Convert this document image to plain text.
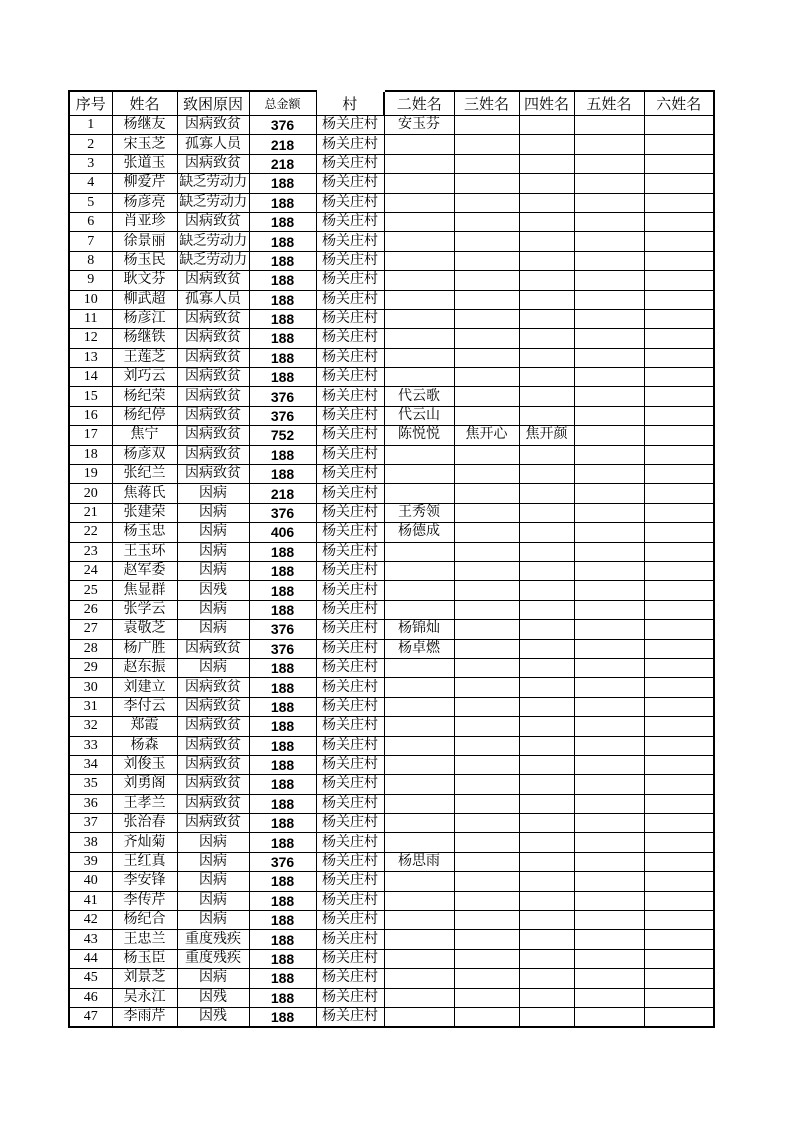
序号	姓名	致困原因	总金额	村	二姓名	三姓名	四姓名	五姓名	六姓名
1	杨继友	因病致贫	376	杨关庄村	安玉芬				
2	宋玉芝	孤寡人员	218	杨关庄村					
3	张道玉	因病致贫	218	杨关庄村					
4	柳爱芹	缺乏劳动力	188	杨关庄村					
5	杨彦亮	缺乏劳动力	188	杨关庄村					
6	肖亚珍	因病致贫	188	杨关庄村					
7	徐景丽	缺乏劳动力	188	杨关庄村					
8	杨玉民	缺乏劳动力	188	杨关庄村					
9	耿文芬	因病致贫	188	杨关庄村					
10	柳武超	孤寡人员	188	杨关庄村					
11	杨彦江	因病致贫	188	杨关庄村					
12	杨继铁	因病致贫	188	杨关庄村					
13	王莲芝	因病致贫	188	杨关庄村					
14	刘巧云	因病致贫	188	杨关庄村					
15	杨纪荣	因病致贫	376	杨关庄村	代云歌				
16	杨纪停	因病致贫	376	杨关庄村	代云山				
17	焦宁	因病致贫	752	杨关庄村	陈悦悦	焦开心	焦开颜		
18	杨彦双	因病致贫	188	杨关庄村					
19	张纪兰	因病致贫	188	杨关庄村					
20	焦蒋氏	因病	218	杨关庄村					
21	张建荣	因病	376	杨关庄村	王秀领				
22	杨玉忠	因病	406	杨关庄村	杨德成				
23	王玉环	因病	188	杨关庄村					
24	赵军委	因病	188	杨关庄村					
25	焦显群	因残	188	杨关庄村					
26	张学云	因病	188	杨关庄村					
27	袁敬芝	因病	376	杨关庄村	杨锦灿				
28	杨广胜	因病致贫	376	杨关庄村	杨卓燃				
29	赵东振	因病	188	杨关庄村					
30	刘建立	因病致贫	188	杨关庄村					
31	李付云	因病致贫	188	杨关庄村					
32	郑霞	因病致贫	188	杨关庄村					
33	杨森	因病致贫	188	杨关庄村					
34	刘俊玉	因病致贫	188	杨关庄村					
35	刘勇阁	因病致贫	188	杨关庄村					
36	王孝兰	因病致贫	188	杨关庄村					
37	张治春	因病致贫	188	杨关庄村					
38	齐灿菊	因病	188	杨关庄村					
39	王红真	因病	376	杨关庄村	杨思雨				
40	李安锋	因病	188	杨关庄村					
41	李传芹	因病	188	杨关庄村					
42	杨纪合	因病	188	杨关庄村					
43	王忠兰	重度残疾	188	杨关庄村					
44	杨玉臣	重度残疾	188	杨关庄村					
45	刘景芝	因病	188	杨关庄村					
46	吴永江	因残	188	杨关庄村					
47	李雨芹	因残	188	杨关庄村					
